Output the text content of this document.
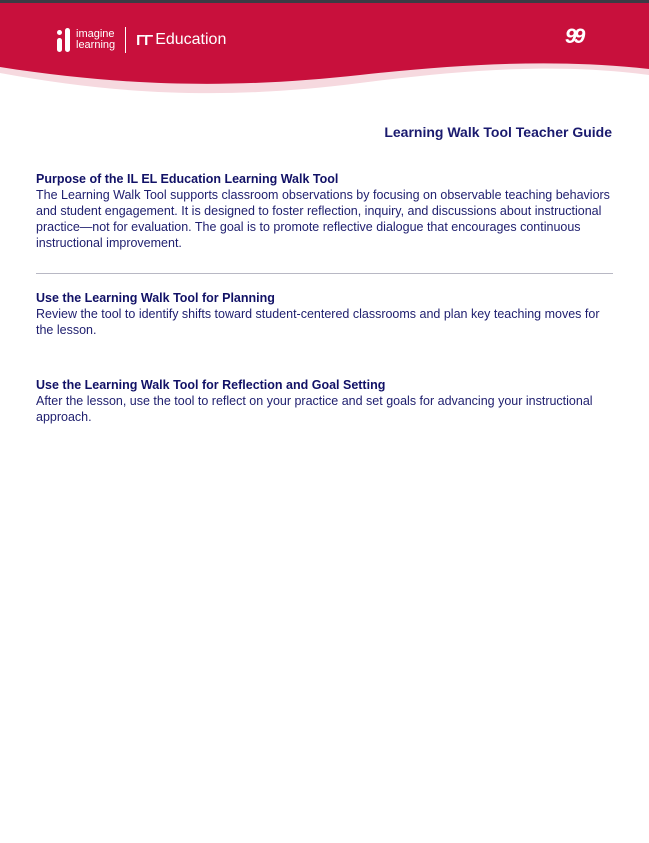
imagine
learning ΓΓ Education	99
Learning Walk Tool Teacher Guide
Purpose of the IL EL Education Learning Walk Tool

The Learning Walk Tool supports classroom observations by focusing on observable teaching behaviors and student engagement. It is designed to foster reflection, inquiry, and discussions about instructional practice—not for evaluation. The goal is to promote reflective dialogue that encourages continuous instructional improvement.

Use the Learning Walk Tool for Planning

Review the tool to identify shifts toward student-centered classrooms and plan key teaching moves for the lesson.

Use the Learning Walk Tool for Reflection and Goal Setting

After the lesson, use the tool to reflect on your practice and set goals for advancing your instructional approach.
